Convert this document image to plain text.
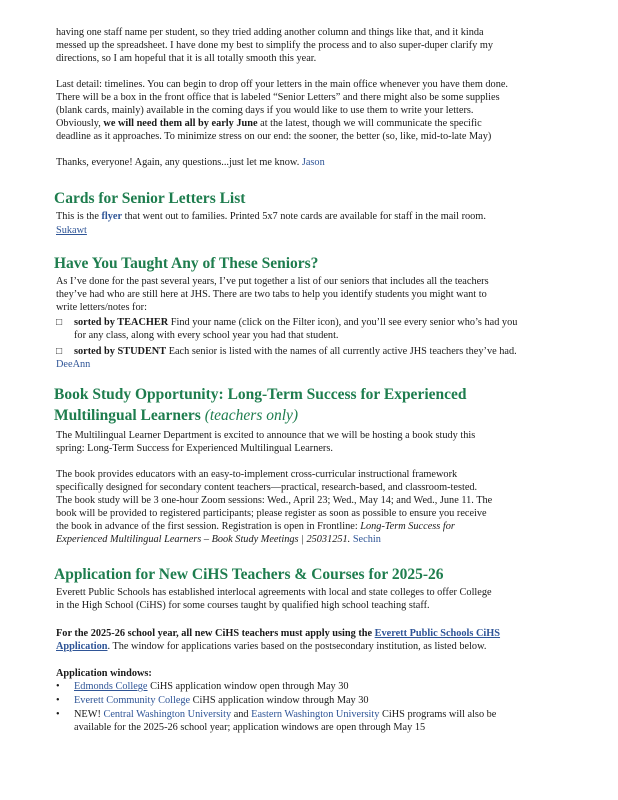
having one staff name per student, so they tried adding another column and things like that, and it kinda

messed up the spreadsheet. I have done my best to simplify the process and to also super-duper clarify my

directions, so I am hopeful that it is all totally smooth this year.

Last detail: timelines. You can begin to drop off your letters in the main office whenever you have them done.

There will be a box in the front office that is labeled “Senior Letters” and there might also be some supplies

(blank cards, mainly) available in the coming days if you would like to use them to write your letters.

Obviously, we will need them all by early June at the latest, though we will communicate the specific

deadline as it approaches. To minimize stress on our end: the sooner, the better (so, like, mid-to-late May)

Thanks, everyone! Again, any questions...just let me know. Jason

Cards for Senior Letters List

This is the flyer that went out to families. Printed 5x7 note cards are available for staff in the mail room.

Sukawt

Have You Taught Any of These Seniors?

As I’ve done for the past several years, I’ve put together a list of our seniors that includes all the teachers

they’ve had who are still here at JHS. There are two tabs to help you identify students you might want to

write letters/notes for:

□	sorted by TEACHER Find your name (click on the Filter icon), and you’ll see every senior who’s had you
for any class, along with every school year you had that student.
□	sorted by STUDENT Each senior is listed with the names of all currently active JHS teachers they’ve had.

DeeAnn

Book Study Opportunity: Long-Term Success for Experienced
Multilingual Learners (teachers only)

The Multilingual Learner Department is excited to announce that we will be hosting a book study this

spring: Long-Term Success for Experienced Multilingual Learners.

The book provides educators with an easy-to-implement cross-curricular instructional framework

specifically designed for secondary content teachers—practical, research-based, and classroom-tested.

The book study will be 3 one-hour Zoom sessions: Wed., April 23; Wed., May 14; and Wed., June 11. The

book will be provided to registered participants; please register as soon as possible to ensure you receive

the book in advance of the first session. Registration is open in Frontline: Long-Term Success for

Experienced Multilingual Learners – Book Study Meetings | 25031251. Sechin

Application for New CiHS Teachers & Courses for 2025-26

Everett Public Schools has established interlocal agreements with local and state colleges to offer College

in the High School (CiHS) for some courses taught by qualified high school teaching staff.

For the 2025-26 school year, all new CiHS teachers must apply using the Everett Public Schools CiHS

Application. The window for applications varies based on the postsecondary institution, as listed below.

Application windows:

•	Edmonds College CiHS application window open through May 30
•	Everett Community College CiHS application window through May 30
•	NEW! Central Washington University and Eastern Washington University CiHS programs will also be
available for the 2025-26 school year; application windows are open through May 15
